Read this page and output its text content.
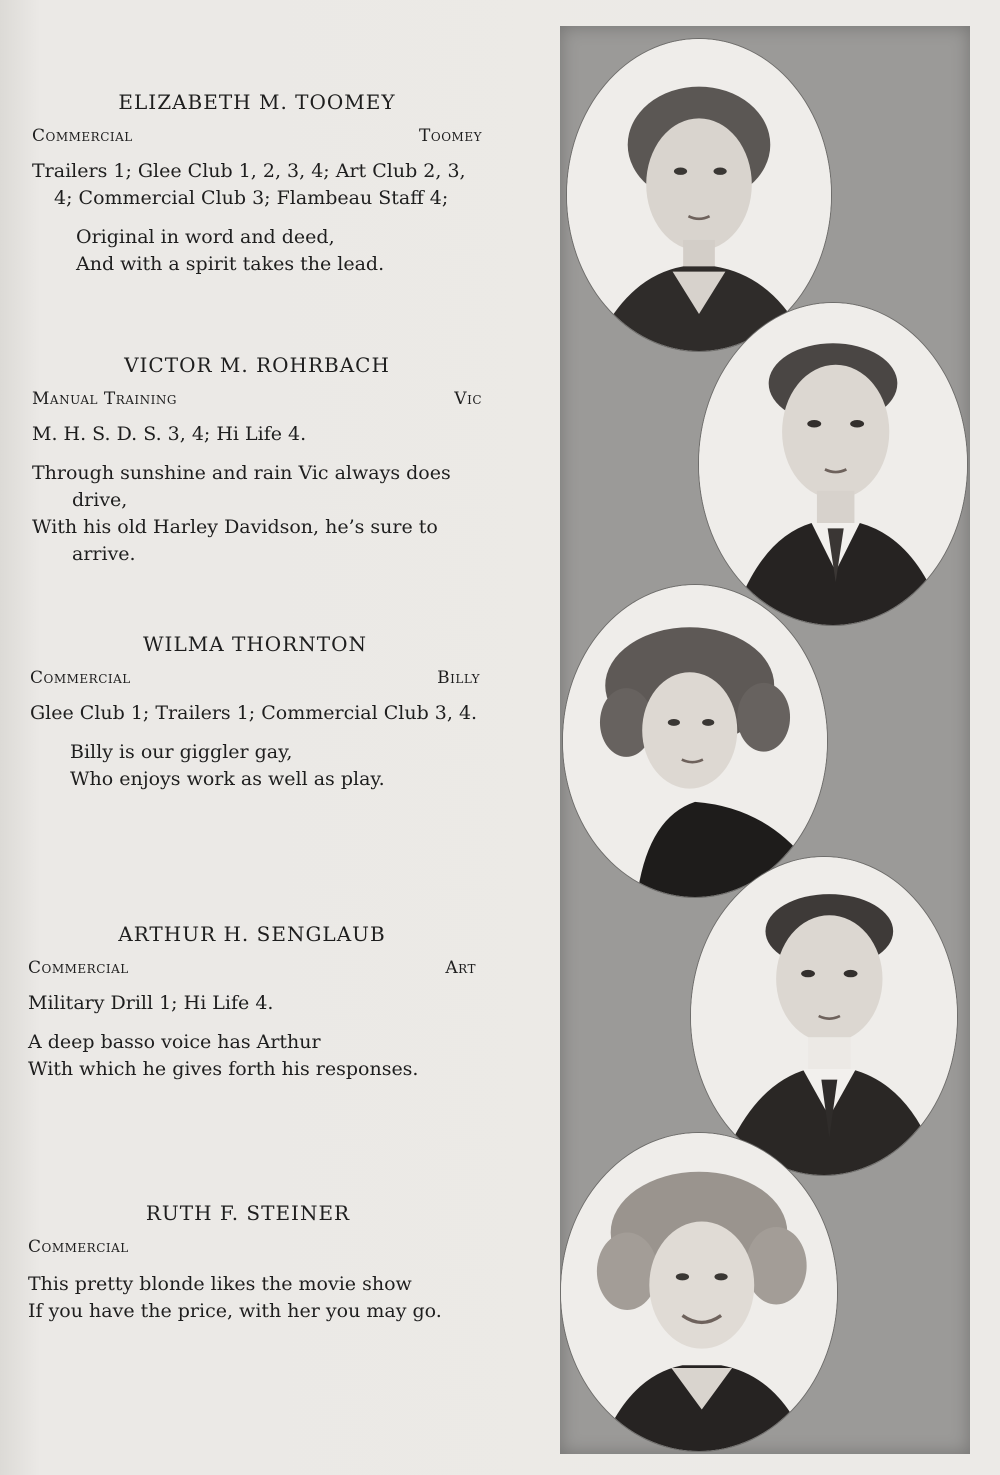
ELIZABETH M. TOOMEY
Commercial	Toomey
Trailers 1; Glee Club 1, 2, 3, 4; Art Club 2, 3, 4; Commercial Club 3; Flambeau Staff 4;
Original in word and deed,
And with a spirit takes the lead.
VICTOR M. ROHRBACH
Manual Training	Vic
M. H. S. D. S. 3, 4; Hi Life 4.
Through sunshine and rain Vic always does drive,
With his old Harley Davidson, he’s sure to arrive.
WILMA THORNTON
Commercial	Billy
Glee Club 1; Trailers 1; Commercial Club 3, 4.
Billy is our giggler gay,
Who enjoys work as well as play.
ARTHUR H. SENGLAUB
Commercial	Art
Military Drill 1; Hi Life 4.
A deep basso voice has Arthur
With which he gives forth his responses.
RUTH F. STEINER
Commercial
This pretty blonde likes the movie show
If you have the price, with her you may go.
